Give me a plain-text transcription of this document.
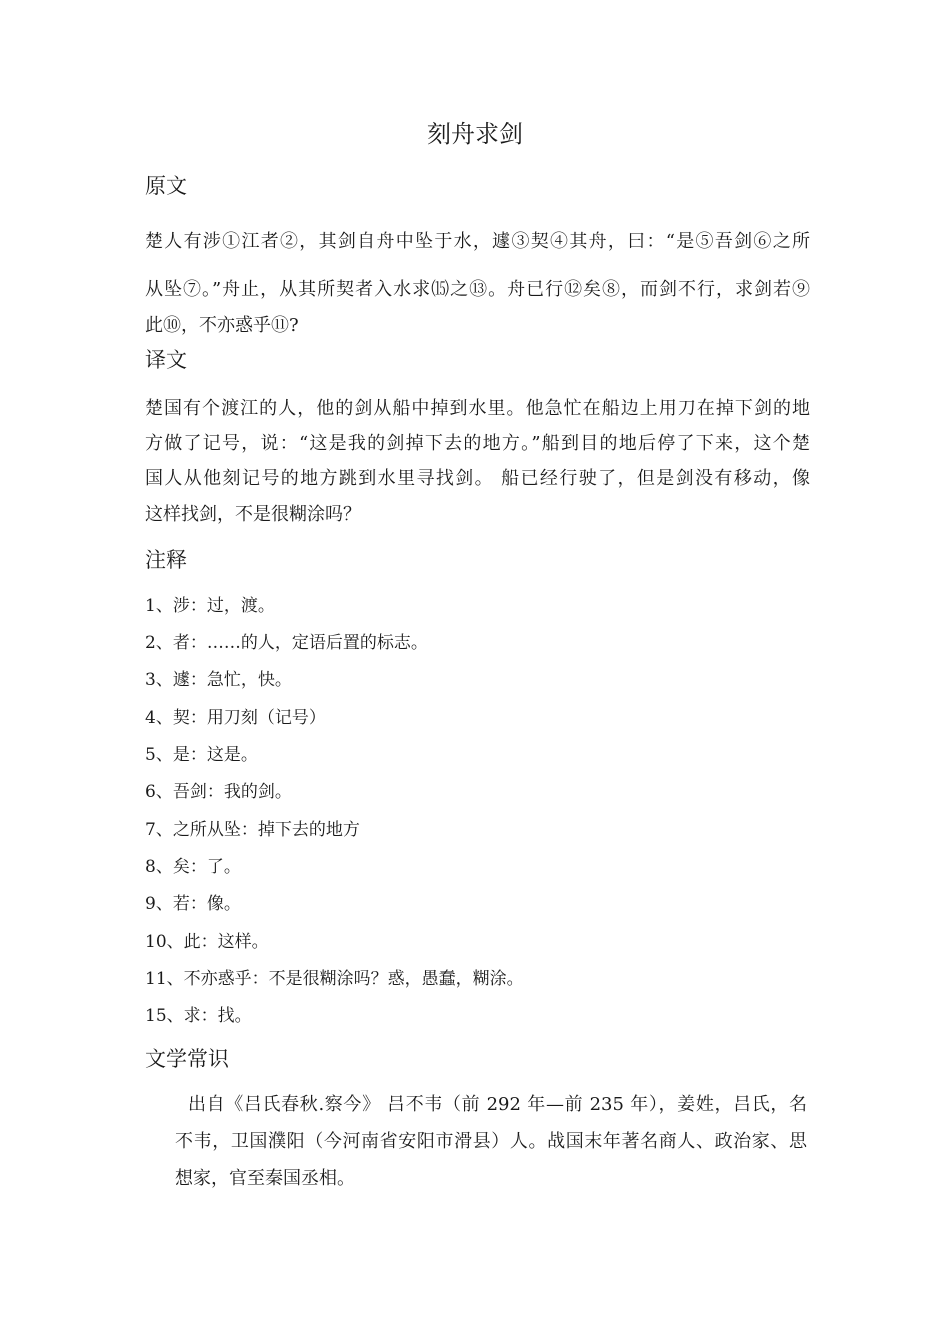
刻舟求剑
原文
楚人有涉①江者②，其剑自舟中坠于水，遽③契④其舟，曰：“是⑤吾剑⑥之所
从坠⑦。”舟止，从其所契者入水求⒂之⑬。舟已行⑫矣⑧，而剑不行，求剑若⑨
此⑩，不亦惑乎⑪?
译文
楚国有个渡江的人，他的剑从船中掉到水里。他急忙在船边上用刀在掉下剑的地
方做了记号，说：“这是我的剑掉下去的地方。”船到目的地后停了下来，这个楚
国人从他刻记号的地方跳到水里寻找剑。 船已经行驶了，但是剑没有移动，像
这样找剑，不是很糊涂吗？
注释
1、涉：过，渡。
2、者：……的人，定语后置的标志。
3、遽：急忙，快。
4、契：用刀刻（记号）
5、是：这是。
6、吾剑：我的剑。
7、之所从坠：掉下去的地方
8、矣：了。
9、若：像。
10、此：这样。
11、不亦惑乎：不是很糊涂吗？惑，愚蠢，糊涂。
15、求：找。
文学常识
出自《吕氏春秋.察今》 吕不韦（前 292 年—前 235 年），姜姓，吕氏，名
不韦，卫国濮阳（今河南省安阳市滑县）人。战国末年著名商人、政治家、思
想家，官至秦国丞相。
